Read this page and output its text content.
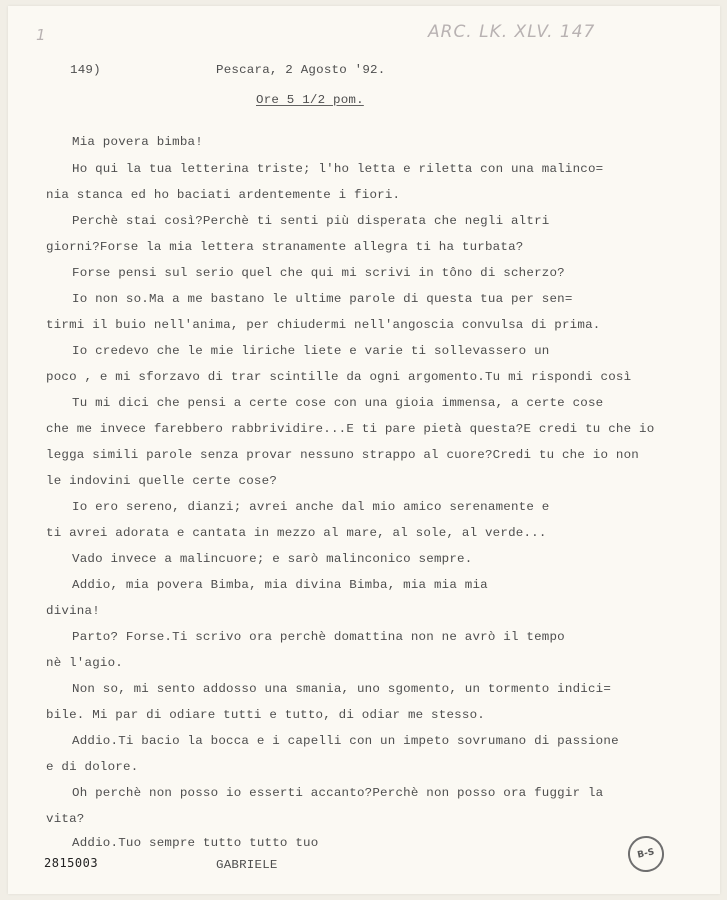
1	ARC. LK. XLV. 147
149)	Pescara, 2 Agosto '92.
Ore 5 1/2 pom.
Mia povera bimba!
Ho qui la tua letterina triste; l'ho letta e riletta con una malinco=
nia stanca ed ho baciati ardentemente i fiori.
Perchè stai così?Perchè ti senti più disperata che negli altri
giorni?Forse la mia lettera stranamente allegra ti ha turbata?
Forse pensi sul serio quel che qui mi scrivi in tôno di scherzo?
Io non so.Ma a me bastano le ultime parole di questa tua per sen=
tirmi il buio nell'anima, per chiudermi nell'angoscia convulsa di prima.
Io credevo che le mie liriche liete e varie ti sollevassero un
poco , e mi sforzavo di trar scintille da ogni argomento.Tu mi rispondi così
Tu mi dici che pensi a certe cose con una gioia immensa, a certe cose
che me invece farebbero rabbrividire...E ti pare pietà questa?E credi tu che io
legga simili parole senza provar nessuno strappo al cuore?Credi tu che io non
le indovini quelle certe cose?
Io ero sereno, dianzi; avrei anche dal mio amico serenamente e
ti avrei adorata e cantata in mezzo al mare, al sole, al verde...
Vado invece a malincuore; e sarò malinconico sempre.
Addio, mia povera Bimba, mia divina Bimba, mia mia mia
divina!
Parto? Forse.Ti scrivo ora perchè domattina non ne avrò il tempo
nè l'agio.
Non so, mi sento addosso una smania, uno sgomento, un tormento indici=
bile. Mi par di odiare tutti e tutto, di odiar me stesso.
Addio.Ti bacio la bocca e i capelli con un impeto sovrumano di passione
e di dolore.
Oh perchè non posso io esserti accanto?Perchè non posso ora fuggir la
vita?
Addio.Tuo sempre tutto tutto tuo
GABRIELE
2815003
B-S
